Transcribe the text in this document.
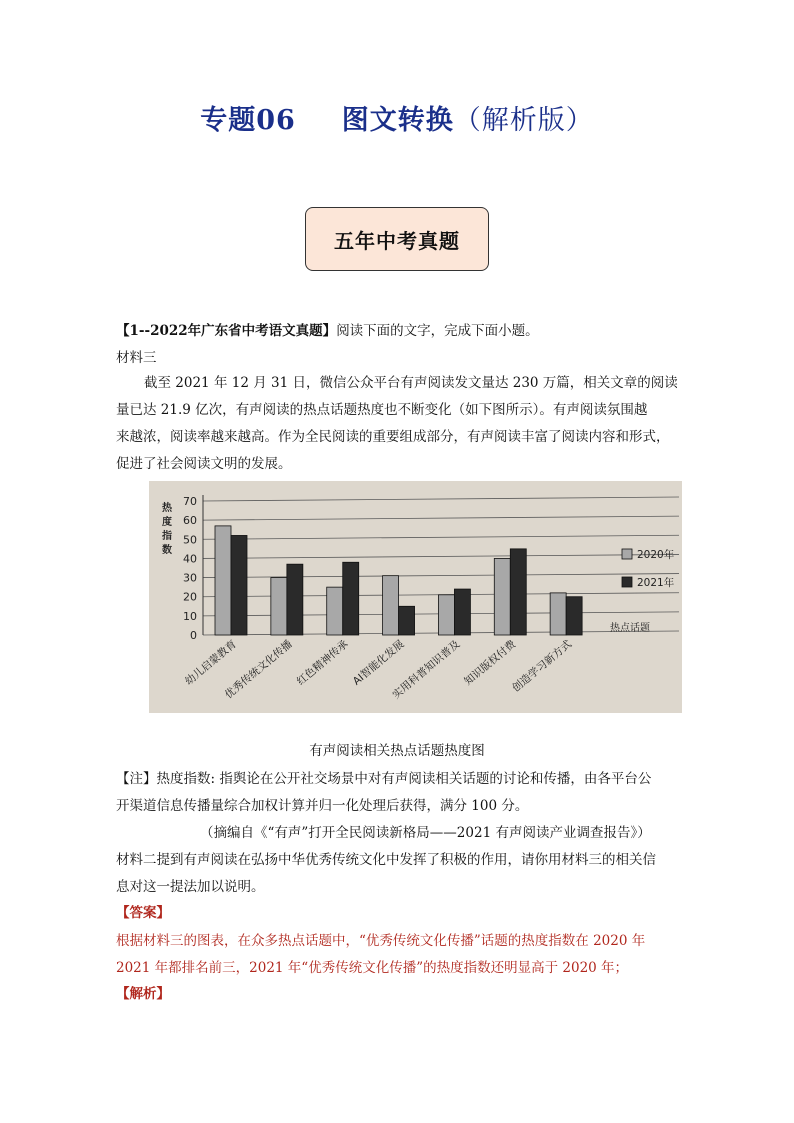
专题06 图文转换（解析版）
五年中考真题
【1--2022年广东省中考语文真题】阅读下面的文字，完成下面小题。
材料三
截至 2021 年 12 月 31 日，微信公众平台有声阅读发文量达 230 万篇，相关文章的阅读
量已达 21.9 亿次，有声阅读的热点话题热度也不断变化（如下图所示）。有声阅读氛围越
来越浓，阅读率越来越高。作为全民阅读的重要组成部分，有声阅读丰富了阅读内容和形式，
促进了社会阅读文明的发展。
0
10
20
30
40
50
60
70
热
度
指
数
幼儿启蒙教育
优秀传统文化传播 红色精神传承 AI智能化发展
实用科普知识普及 知识版权付费
创造学习新方式
2020年
2021年
热点话题
有声阅读相关热点话题热度图
【注】热度指数: 指舆论在公开社交场景中对有声阅读相关话题的讨论和传播，由各平台公
开渠道信息传播量综合加权计算并归一化处理后获得，满分 100 分。
（摘编自《“有声”打开全民阅读新格局——2021 有声阅读产业调查报告》）
材料二提到有声阅读在弘扬中华优秀传统文化中发挥了积极的作用，请你用材料三的相关信
息对这一提法加以说明。
【答案】
根据材料三的图表，在众多热点话题中，“优秀传统文化传播”话题的热度指数在 2020 年
2021 年都排名前三，2021 年“优秀传统文化传播”的热度指数还明显高于 2020 年；
【解析】
